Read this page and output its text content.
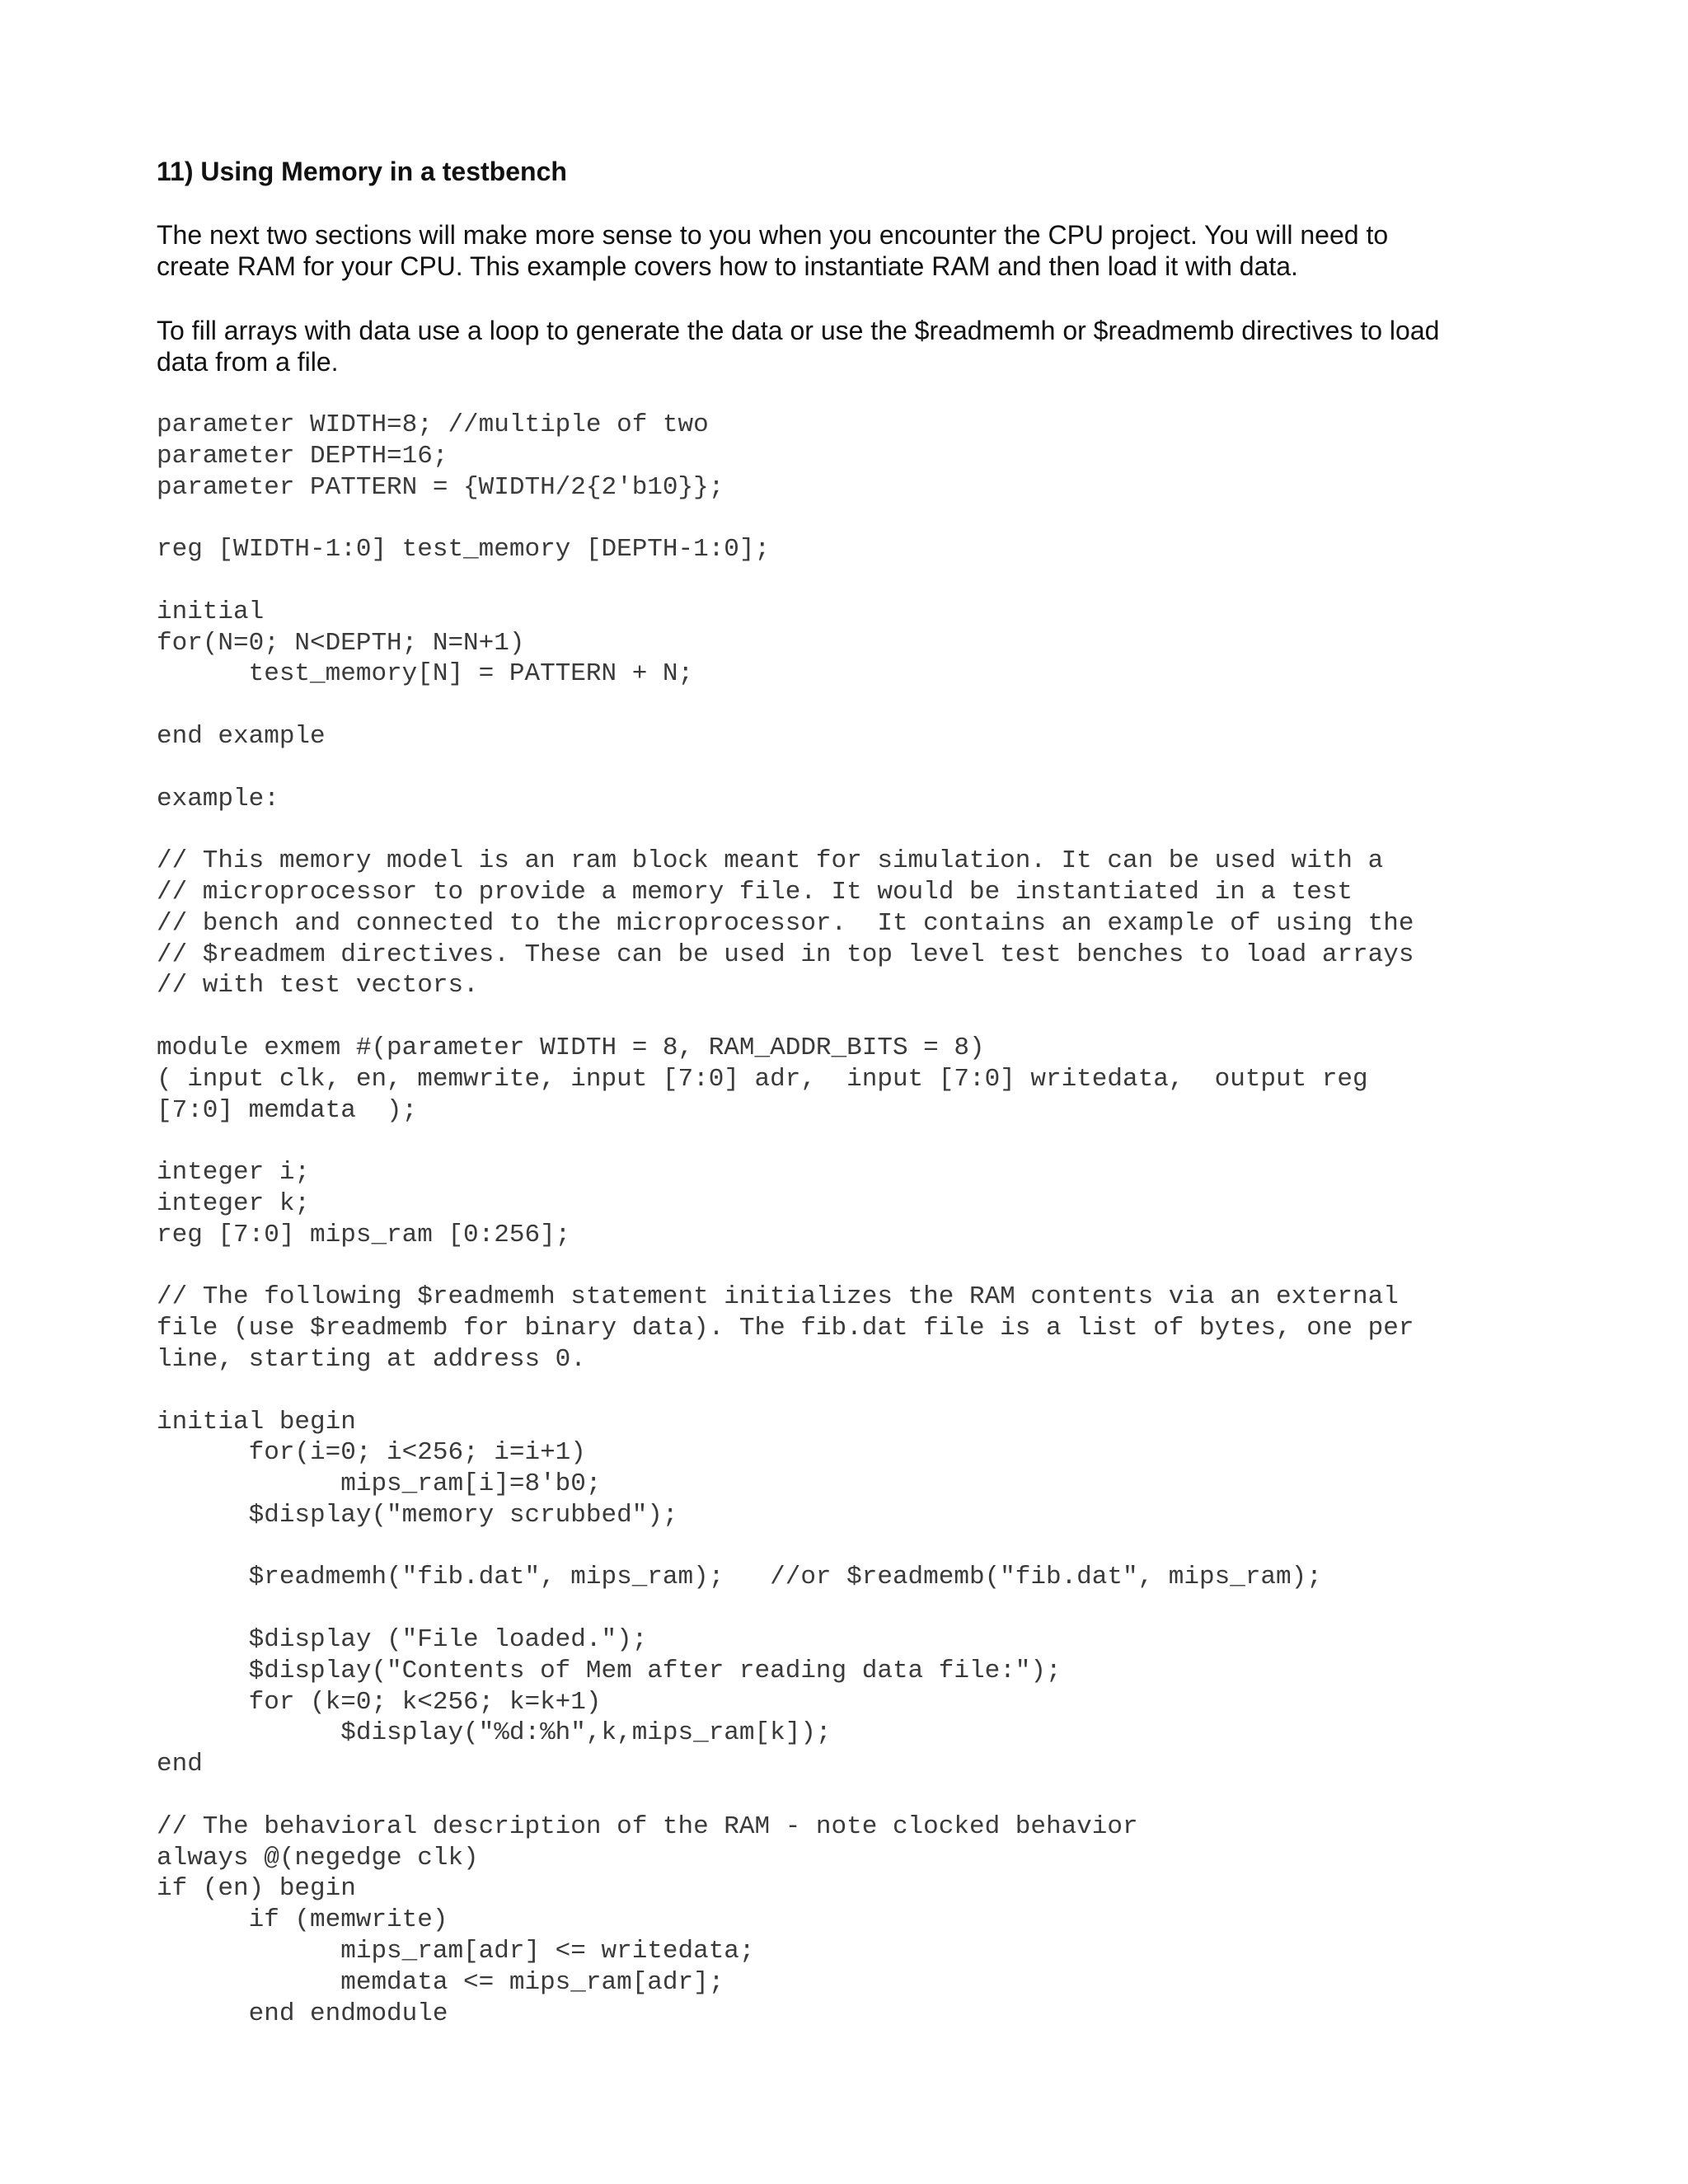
11) Using Memory in a testbench

The next two sections will make more sense to you when you encounter the CPU project. You will need to
create RAM for your CPU. This example covers how to instantiate RAM and then load it with data.

To fill arrays with data use a loop to generate the data or use the $readmemh or $readmemb directives to load
data from a file.

parameter WIDTH=8; //multiple of two
parameter DEPTH=16;
parameter PATTERN = {WIDTH/2{2'b10}};

reg [WIDTH-1:0] test_memory [DEPTH-1:0];

initial
for(N=0; N<DEPTH; N=N+1)
test_memory[N] = PATTERN + N;

end example

example:

// This memory model is an ram block meant for simulation. It can be used with a
// microprocessor to provide a memory file. It would be instantiated in a test
// bench and connected to the microprocessor.  It contains an example of using the
// $readmem directives. These can be used in top level test benches to load arrays
// with test vectors.

module exmem #(parameter WIDTH = 8, RAM_ADDR_BITS = 8)
( input clk, en, memwrite, input [7:0] adr,  input [7:0] writedata,  output reg
[7:0] memdata  );

integer i;
integer k;
reg [7:0] mips_ram [0:256];

// The following $readmemh statement initializes the RAM contents via an external
file (use $readmemb for binary data). The fib.dat file is a list of bytes, one per
line, starting at address 0.

initial begin
for(i=0; i<256; i=i+1)
mips_ram[i]=8'b0;
$display("memory scrubbed");

$readmemh("fib.dat", mips_ram);   //or $readmemb("fib.dat", mips_ram);

$display ("File loaded.");
$display("Contents of Mem after reading data file:");
for (k=0; k<256; k=k+1)
$display("%d:%h",k,mips_ram[k]);
end

// The behavioral description of the RAM - note clocked behavior
always @(negedge clk)
if (en) begin
if (memwrite)
mips_ram[adr] <= writedata;
memdata <= mips_ram[adr];
end endmodule
